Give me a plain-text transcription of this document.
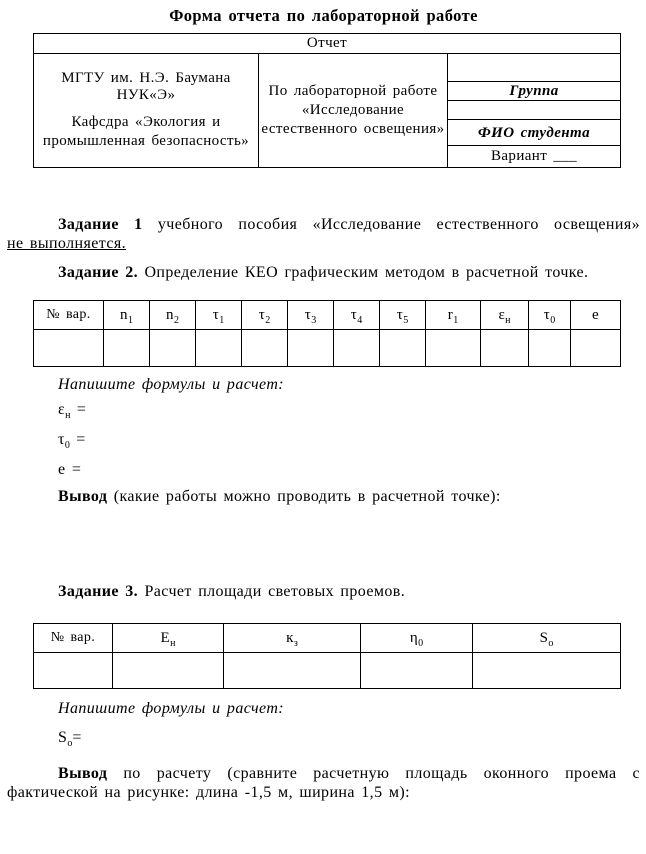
Форма отчета по лабораторной работе
Отчет

МГТУ им. Н.Э. Баумана НУК«Э»
Кафсдра «Экология и промышленная безопасность»

По лабораторной работе
«Исследование
естественного освещения»

Группа
ФИО студента
Вариант ___
Задание 1 учебного пособия «Исследование естественного освещения»
не выполняется.
Задание 2. Определение КЕО графическим методом в расчетной точке.
№ вар.	$n_1$	$n_2$	$\tau_1$	$\tau_2$	$\tau_3$	$\tau_4$	$\tau_5$	$r_1$	$\varepsilon_н$	$\tau_0$	е

Напишите формулы и расчет:
$\varepsilon_н$ =
$\tau_0$ =
е =
Вывод (какие работы можно проводить в расчетной точке):
Задание 3. Расчет площади световых проемов.
№ вар.	$E_н$	$к_з$	$\eta_0$	$S_о$

Напишите формулы и расчет:
$S_о=$
Вывод по расчету (сравните расчетную площадь оконного проема с
фактической на рисунке: длина -1,5 м, ширина 1,5 м):
